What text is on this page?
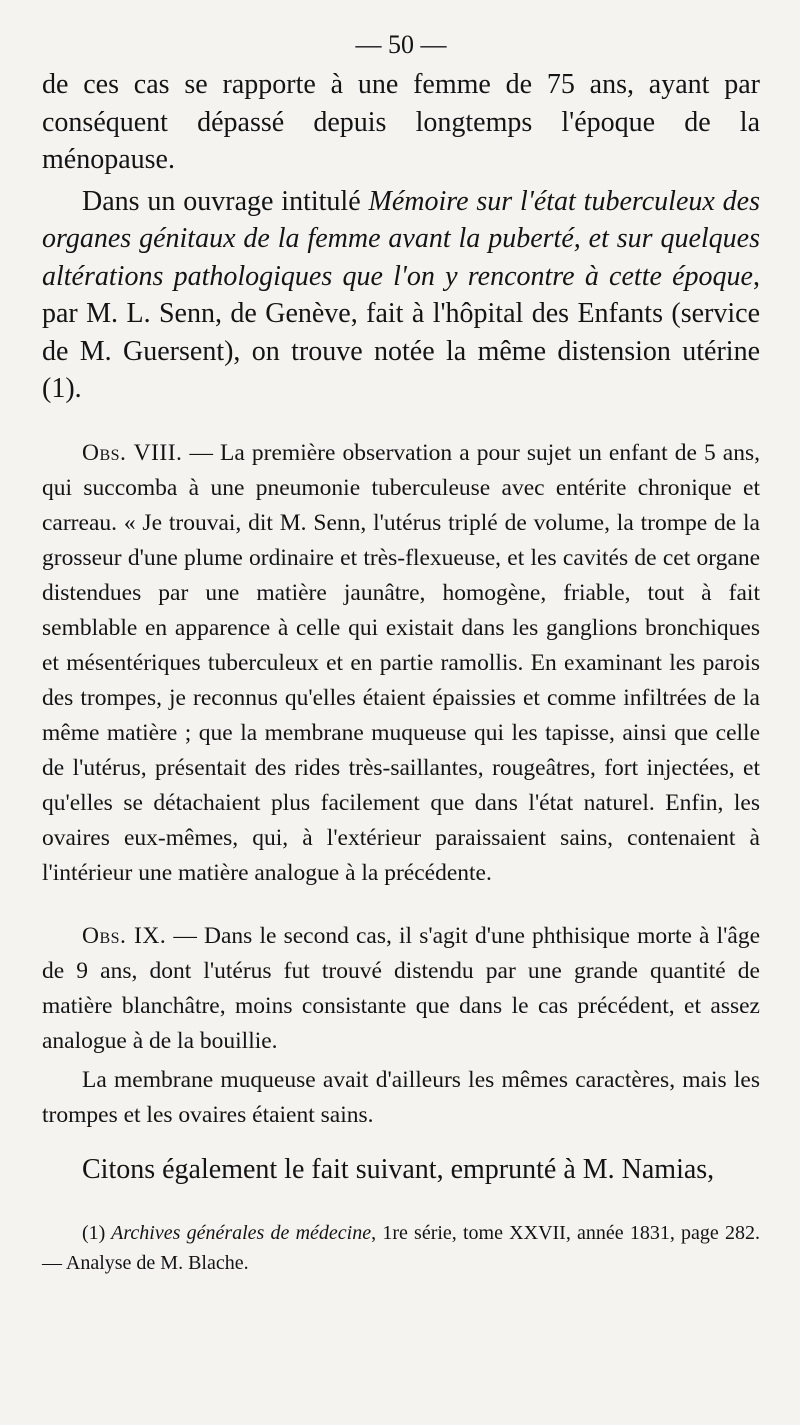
— 50 —

de ces cas se rapporte à une femme de 75 ans, ayant par conséquent dépassé depuis longtemps l'époque de la ménopause.

Dans un ouvrage intitulé Mémoire sur l'état tuberculeux des organes génitaux de la femme avant la puberté, et sur quelques altérations pathologiques que l'on y rencontre à cette époque, par M. L. Senn, de Genève, fait à l'hôpital des Enfants (service de M. Guersent), on trouve notée la même distension utérine (1).

Obs. VIII. — La première observation a pour sujet un enfant de 5 ans, qui succomba à une pneumonie tuberculeuse avec entérite chronique et carreau. « Je trouvai, dit M. Senn, l'utérus triplé de volume, la trompe de la grosseur d'une plume ordinaire et très-flexueuse, et les cavités de cet organe distendues par une matière jaunâtre, homogène, friable, tout à fait semblable en apparence à celle qui existait dans les ganglions bronchiques et mésentériques tuberculeux et en partie ramollis. En examinant les parois des trompes, je reconnus qu'elles étaient épaissies et comme infiltrées de la même matière ; que la membrane muqueuse qui les tapisse, ainsi que celle de l'utérus, présentait des rides très-saillantes, rougeâtres, fort injectées, et qu'elles se détachaient plus facilement que dans l'état naturel. Enfin, les ovaires eux-mêmes, qui, à l'extérieur paraissaient sains, contenaient à l'intérieur une matière analogue à la précédente.

Obs. IX. — Dans le second cas, il s'agit d'une phthisique morte à l'âge de 9 ans, dont l'utérus fut trouvé distendu par une grande quantité de matière blanchâtre, moins consistante que dans le cas précédent, et assez analogue à de la bouillie.

La membrane muqueuse avait d'ailleurs les mêmes caractères, mais les trompes et les ovaires étaient sains.

Citons également le fait suivant, emprunté à M. Namias,

(1) Archives générales de médecine, 1re série, tome XXVII, année 1831, page 282. — Analyse de M. Blache.
